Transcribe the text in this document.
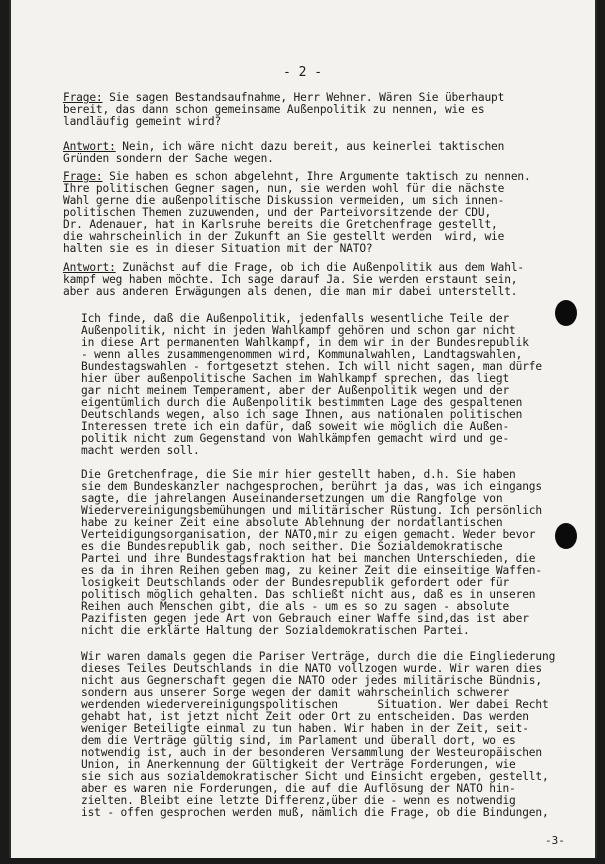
- 2 -
Frage: Sie sagen Bestandsaufnahme, Herr Wehner. Wären Sie überhaupt
bereit, das dann schon gemeinsame Außenpolitik zu nennen, wie es
landläufig gemeint wird?
Antwort: Nein, ich wäre nicht dazu bereit, aus keinerlei taktischen
Gründen sondern der Sache wegen.
Frage: Sie haben es schon abgelehnt, Ihre Argumente taktisch zu nennen.
Ihre politischen Gegner sagen, nun, sie werden wohl für die nächste
Wahl gerne die außenpolitische Diskussion vermeiden, um sich innen-
politischen Themen zuzuwenden, und der Parteivorsitzende der CDU,
Dr. Adenauer, hat in Karlsruhe bereits die Gretchenfrage gestellt,
die wahrscheinlich in der Zukunft an Sie gestellt werden  wird, wie
halten sie es in dieser Situation mit der NATO?
Antwort: Zunächst auf die Frage, ob ich die Außenpolitik aus dem Wahl-
kampf weg haben möchte. Ich sage darauf Ja. Sie werden erstaunt sein,
aber aus anderen Erwägungen als denen, die man mir dabei unterstellt.
Ich finde, daß die Außenpolitik, jedenfalls wesentliche Teile der
Außenpolitik, nicht in jeden Wahlkampf gehören und schon gar nicht
in diese Art permanenten Wahlkampf, in dem wir in der Bundesrepublik
- wenn alles zusammengenommen wird, Kommunalwahlen, Landtagswahlen,
Bundestagswahlen - fortgesetzt stehen. Ich will nicht sagen, man dürfe
hier über außenpolitische Sachen im Wahlkampf sprechen, das liegt
gar nicht meinem Temperament, aber der Außenpolitik wegen und der
eigentümlich durch die Außenpolitik bestimmten Lage des gespaltenen
Deutschlands wegen, also ich sage Ihnen, aus nationalen politischen
Interessen trete ich ein dafür, daß soweit wie möglich die Außen-
politik nicht zum Gegenstand von Wahlkämpfen gemacht wird und ge-
macht werden soll.
Die Gretchenfrage, die Sie mir hier gestellt haben, d.h. Sie haben
sie dem Bundeskanzler nachgesprochen, berührt ja das, was ich eingangs
sagte, die jahrelangen Auseinandersetzungen um die Rangfolge von
Wiedervereinigungsbemühungen und militärischer Rüstung. Ich persönlich
habe zu keiner Zeit eine absolute Ablehnung der nordatlantischen
Verteidigungsorganisation, der NATO,mir zu eigen gemacht. Weder bevor
es die Bundesrepublik gab, noch seither. Die Sozialdemokratische
Partei und ihre Bundestagsfraktion hat bei manchen Unterschieden, die
es da in ihren Reihen geben mag, zu keiner Zeit die einseitige Waffen-
losigkeit Deutschlands oder der Bundesrepublik gefordert oder für
politisch möglich gehalten. Das schließt nicht aus, daß es in unseren
Reihen auch Menschen gibt, die als - um es so zu sagen - absolute
Pazifisten gegen jede Art von Gebrauch einer Waffe sind,das ist aber
nicht die erklärte Haltung der Sozialdemokratischen Partei.
Wir waren damals gegen die Pariser Verträge, durch die die Eingliederung
dieses Teiles Deutschlands in die NATO vollzogen wurde. Wir waren dies
nicht aus Gegnerschaft gegen die NATO oder jedes militärische Bündnis,
sondern aus unserer Sorge wegen der damit wahrscheinlich schwerer
werdenden wiedervereinigungspolitischen      Situation. Wer dabei Recht
gehabt hat, ist jetzt nicht Zeit oder Ort zu entscheiden. Das werden
weniger Beteiligte einmal zu tun haben. Wir haben in der Zeit, seit-
dem die Verträge gültig sind, im Parlament und überall dort, wo es
notwendig ist, auch in der besonderen Versammlung der Westeuropäischen
Union, in Anerkennung der Gültigkeit der Verträge Forderungen, wie
sie sich aus sozialdemokratischer Sicht und Einsicht ergeben, gestellt,
aber es waren nie Forderungen, die auf die Auflösung der NATO hin-
zielten. Bleibt eine letzte Differenz,über die - wenn es notwendig
ist - offen gesprochen werden muß, nämlich die Frage, ob die Bindungen,
-3-
